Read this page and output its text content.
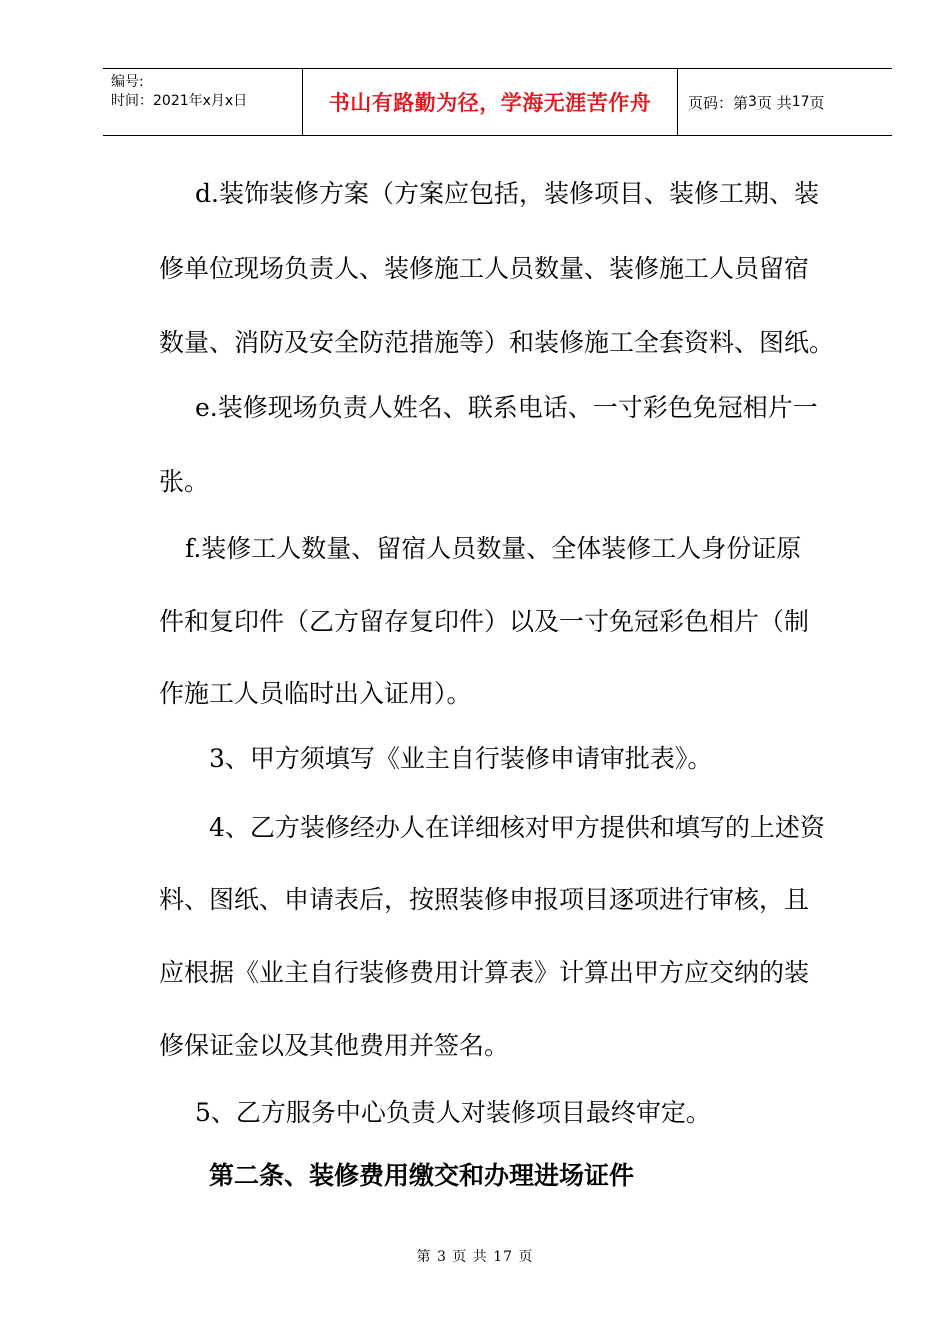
编号:
时间：2021年x月x日	书山有路勤为径，学海无涯苦作舟	页码：第 3 页 共 17 页
d.装饰装修方案（方案应包括，装修项目、装修工期、装
修单位现场负责人、装修施工人员数量、装修施工人员留宿
数量、消防及安全防范措施等）和装修施工全套资料、图纸。
e.装修现场负责人姓名、联系电话、一寸彩色免冠相片一
张。
f.装修工人数量、留宿人员数量、全体装修工人身份证原
件和复印件（乙方留存复印件）以及一寸免冠彩色相片（制
作施工人员临时出入证用）。
3、甲方须填写《业主自行装修申请审批表》。
4、乙方装修经办人在详细核对甲方提供和填写的上述资
料、图纸、申请表后，按照装修申报项目逐项进行审核，且
应根据《业主自行装修费用计算表》计算出甲方应交纳的装
修保证金以及其他费用并签名。
5、乙方服务中心负责人对装修项目最终审定。
第二条、装修费用缴交和办理进场证件
第 3 页 共 17 页
